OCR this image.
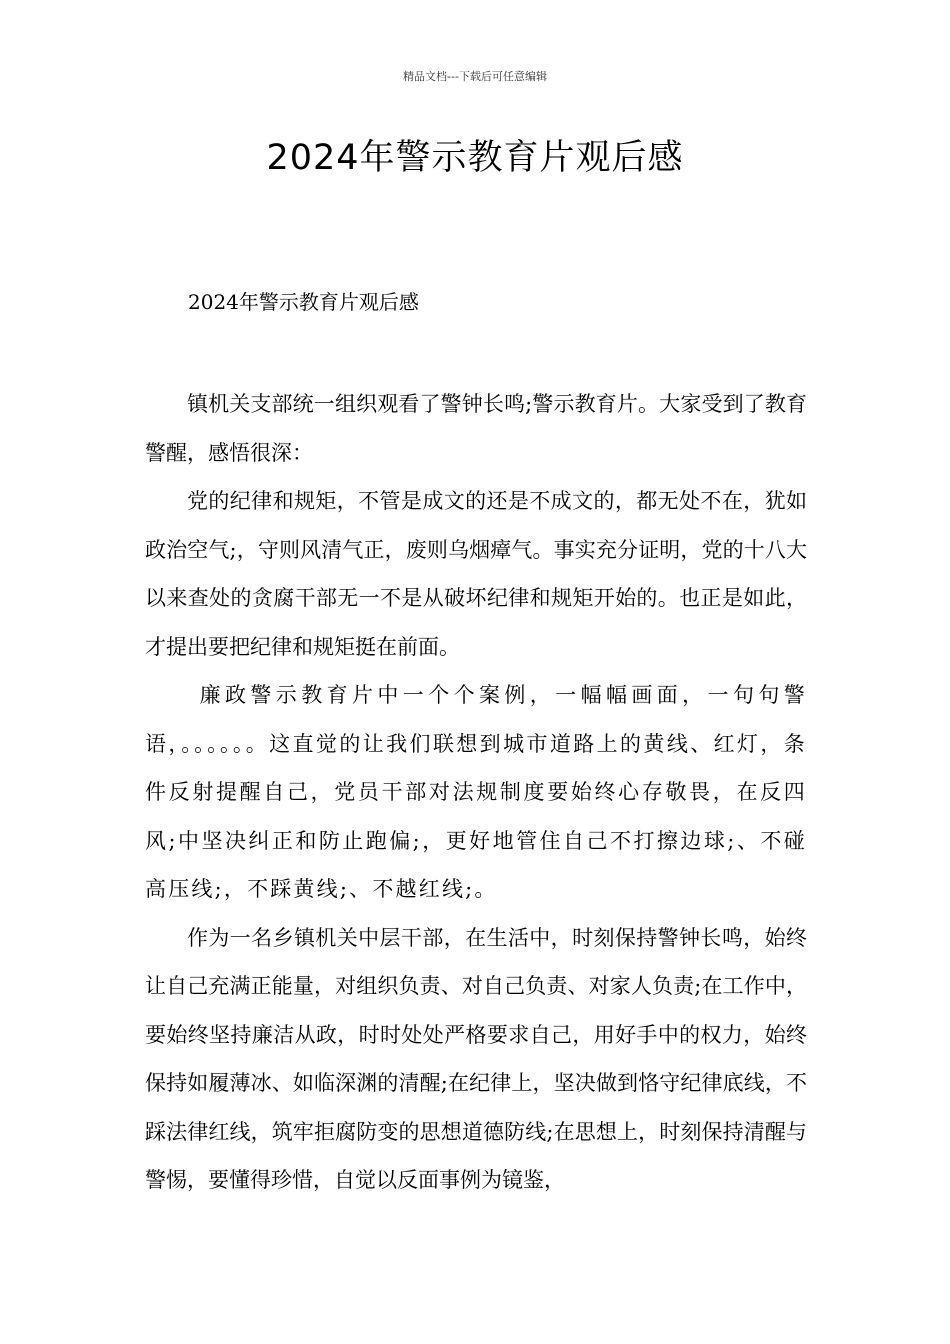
精品文档---下载后可任意编辑
2024年警示教育片观后感

2024年警示教育片观后感

镇机关支部统一组织观看了警钟长鸣;警示教育片。大家受到了教育警醒，感悟很深：

党的纪律和规矩，不管是成文的还是不成文的，都无处不在，犹如政治空气;，守则风清气正，废则乌烟瘴气。事实充分证明，党的十八大以来查处的贪腐干部无一不是从破坏纪律和规矩开始的。也正是如此，才提出要把纪律和规矩挺在前面。

廉政警示教育片中一个个案例，一幅幅画面，一句句警语，。。。。。。这直觉的让我们联想到城市道路上的黄线、红灯，条件反射提醒自己，党员干部对法规制度要始终心存敬畏，在反四风;中坚决纠正和防止跑偏;，更好地管住自己不打擦边球;、不碰高压线;，不踩黄线;、不越红线;。

作为一名乡镇机关中层干部，在生活中，时刻保持警钟长鸣，始终让自己充满正能量，对组织负责、对自己负责、对家人负责;在工作中，要始终坚持廉洁从政，时时处处严格要求自己，用好手中的权力，始终保持如履薄冰、如临深渊的清醒;在纪律上，坚决做到恪守纪律底线，不踩法律红线，筑牢拒腐防变的思想道德防线;在思想上，时刻保持清醒与警惕，要懂得珍惜，自觉以反面事例为镜鉴，
